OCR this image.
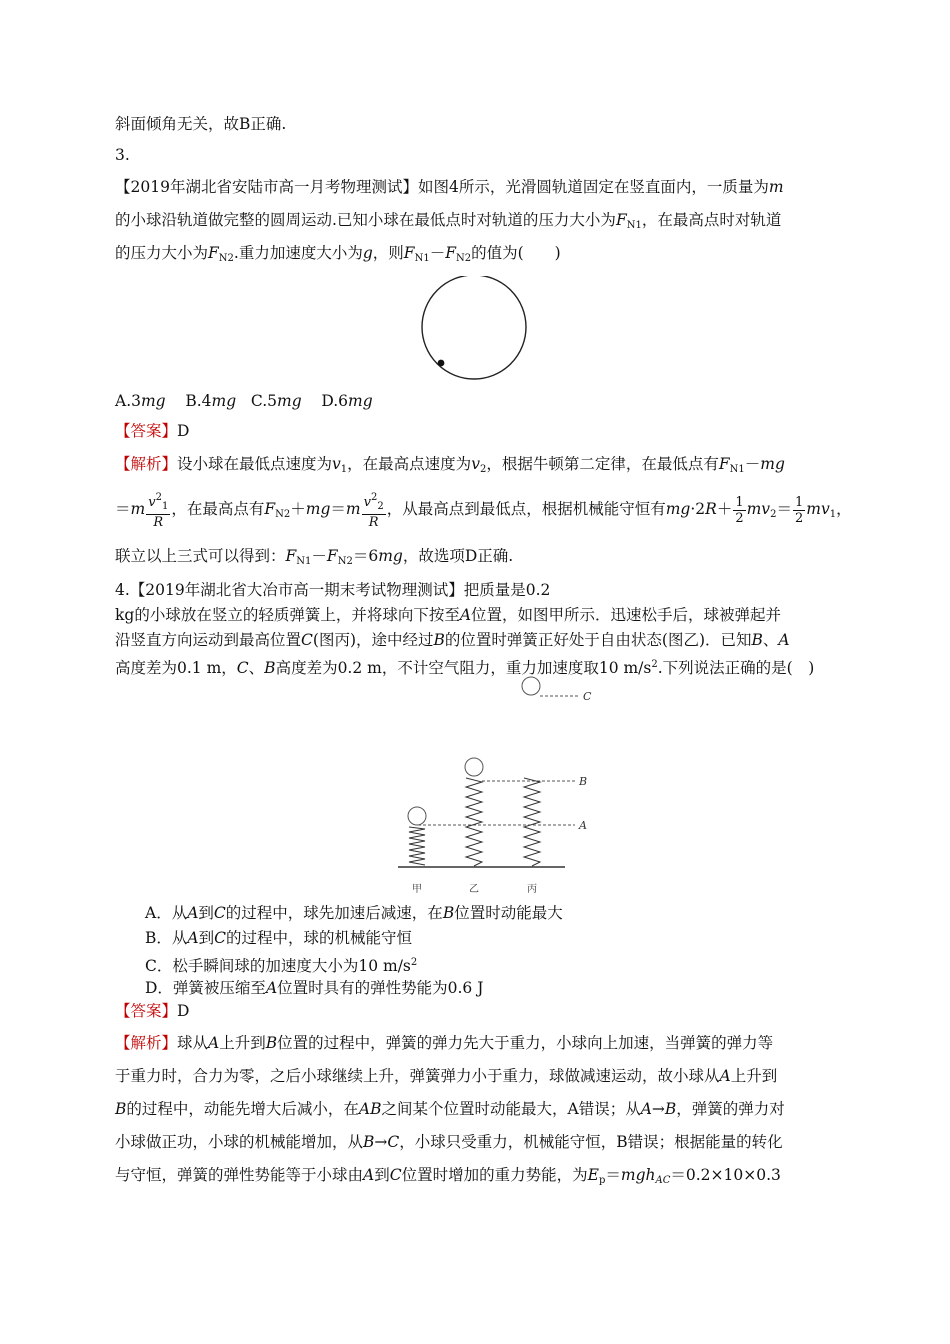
斜面倾角无关，故B正确.
3.
【2019年湖北省安陆市高一月考物理测试】如图4所示，光滑圆轨道固定在竖直面内，一质量为m
的小球沿轨道做完整的圆周运动.已知小球在最低点时对轨道的压力大小为$F_{N1}$，在最高点时对轨道
的压力大小为$F_{N2}$.重力加速度大小为g，则$F_{N1}-F_{N2}$的值为(　　)
A.3mg B.4mg C.5mg D.6mg
【答案】D
【解析】设小球在最低点速度为$v_1$，在最高点速度为$v_2$，根据牛顿第二定律，在最低点有$F_{N1}-mg$
$=m \frac{v^2_1}{R}$ ，在最高点有$F_{N2}+mg=m \frac{v^2_2}{R}$ ，从最高点到最低点，根据机械能守恒有$mg\cdot 2R+ \frac{1}{2} mv_2= \frac{1}{2} mv_1$，
联立以上三式可以得到：$F_{N1}-F_{N2}=6mg$，故选项D正确.
4.【2019年湖北省大冶市高一期末考试物理测试】把质量是0.2
kg的小球放在竖立的轻质弹簧上，并将球向下按至A位置，如图甲所示．迅速松手后，球被弹起并
沿竖直方向运动到最高位置C(图丙)，途中经过B的位置时弹簧正好处于自由状态(图乙)．已知B、A
高度差为0.1 m，C、B高度差为0.2 m，不计空气阻力，重力加速度取10 $m/s^2$.下列说法正确的是(　)
C
B
A
甲	乙	丙
A．从A到C的过程中，球先加速后减速，在B位置时动能最大
B．从A到C的过程中，球的机械能守恒
C．松手瞬间球的加速度大小为10 $m/s^2$
D．弹簧被压缩至A位置时具有的弹性势能为0.6 J
【答案】D
【解析】球从A上升到B位置的过程中，弹簧的弹力先大于重力，小球向上加速，当弹簧的弹力等
于重力时，合力为零，之后小球继续上升，弹簧弹力小于重力，球做减速运动，故小球从A上升到
B的过程中，动能先增大后减小，在AB之间某个位置时动能最大，A错误；从A→B，弹簧的弹力对
小球做正功，小球的机械能增加，从B→C，小球只受重力，机械能守恒，B错误；根据能量的转化
与守恒，弹簧的弹性势能等于小球由A到C位置时增加的重力势能，为$E_p=mgh_{AC}=0.2\times 10\times 0.3$
